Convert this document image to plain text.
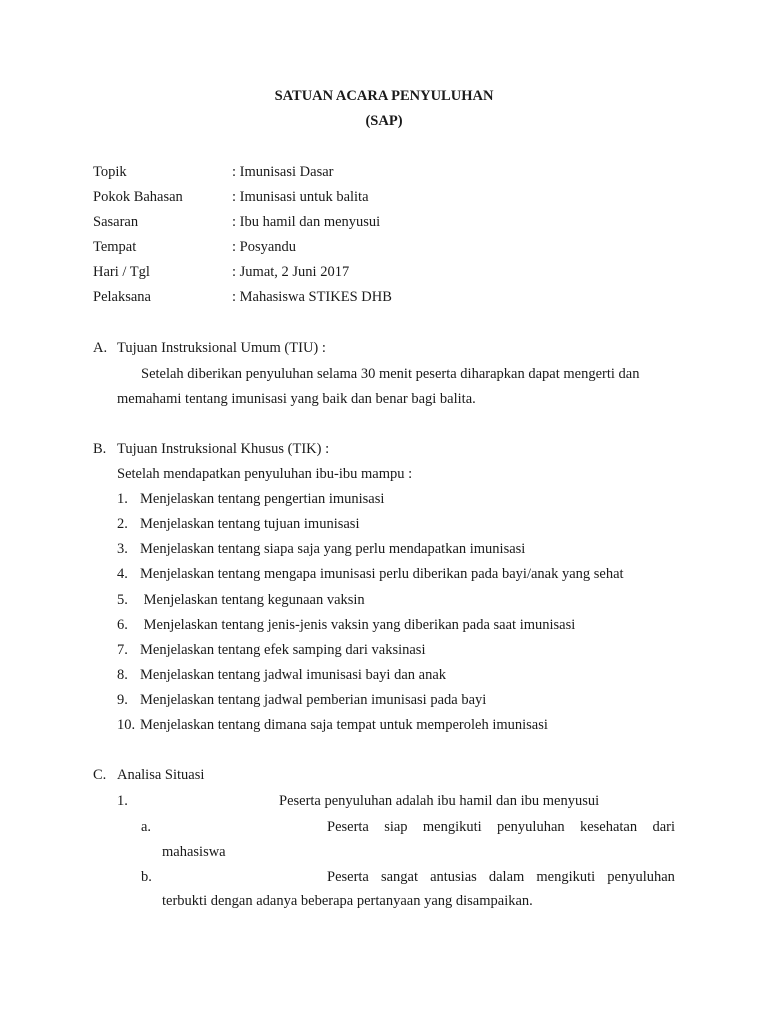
SATUAN ACARA PENYULUHAN
(SAP)
Topik	: Imunisasi Dasar
Pokok Bahasan	: Imunisasi untuk balita
Sasaran	: Ibu hamil dan menyusui
Tempat	: Posyandu
Hari / Tgl	: Jumat, 2 Juni 2017
Pelaksana	: Mahasiswa STIKES DHB
A. Tujuan Instruksional Umum (TIU) :
Setelah diberikan penyuluhan selama 30 menit peserta diharapkan dapat mengerti dan
memahami tentang imunisasi yang baik dan benar bagi balita.
B. Tujuan Instruksional Khusus (TIK) :
Setelah mendapatkan penyuluhan ibu-ibu mampu :
1. Menjelaskan tentang pengertian imunisasi
2. Menjelaskan tentang tujuan imunisasi
3. Menjelaskan tentang siapa saja yang perlu mendapatkan imunisasi
4. Menjelaskan tentang mengapa imunisasi perlu diberikan pada bayi/anak yang sehat
5. Menjelaskan tentang kegunaan vaksin
6. Menjelaskan tentang jenis-jenis vaksin yang diberikan pada saat imunisasi
7. Menjelaskan tentang efek samping dari vaksinasi
8. Menjelaskan tentang jadwal imunisasi bayi dan anak
9. Menjelaskan tentang jadwal pemberian imunisasi pada bayi
10. Menjelaskan tentang dimana saja tempat untuk memperoleh imunisasi
C. Analisa Situasi
1.	Peserta penyuluhan adalah ibu hamil dan ibu menyusui
a.	Peserta siap mengikuti penyuluhan kesehatan dari
mahasiswa
b.	Peserta sangat antusias dalam mengikuti penyuluhan
terbukti dengan adanya beberapa pertanyaan yang disampaikan.
